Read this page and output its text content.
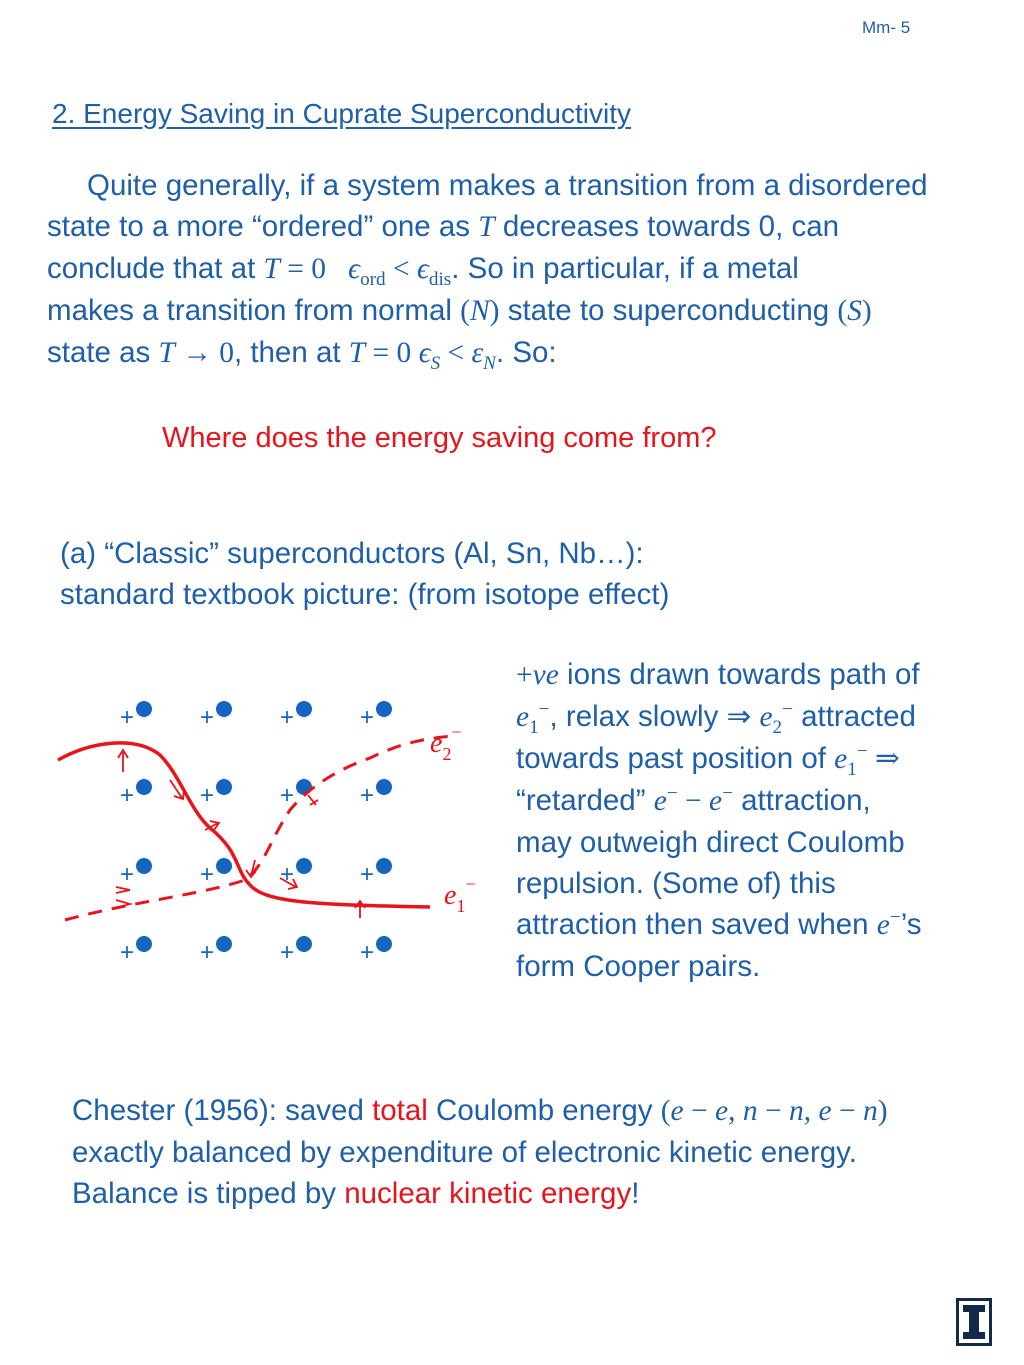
Mm- 5
2. Energy Saving in Cuprate Superconductivity
Quite generally, if a system makes a transition from a disordered
state to a more “ordered” one as T decreases towards 0, can
conclude that at T = 0   $\epsilon_{ord} < \epsilon_{dis}$. So in particular, if a metal
makes a transition from normal (N) state to superconducting (S)
state as T → 0, then at T = 0 $\epsilon_S < \varepsilon_N$. So:
Where does the energy saving come from?
(a) “Classic” superconductors (Al, Sn, Nb…):
standard textbook picture: (from isotope effect)
+	+	+	+
+	+	+	+
+	+	+	+
+	+	+	+
$e_2^-$
$e_1^-$
+ve ions drawn towards path of
$e_1^-$, relax slowly ⇒ $e_2^-$ attracted
towards past position of $e_1^-$ ⇒
“retarded” e− − e− attraction,
may outweigh direct Coulomb
repulsion. (Some of) this
attraction then saved when e−’s
form Cooper pairs.
Chester (1956): saved total Coulomb energy (e − e, n − n, e − n)
exactly balanced by expenditure of electronic kinetic energy.
Balance is tipped by nuclear kinetic energy!
